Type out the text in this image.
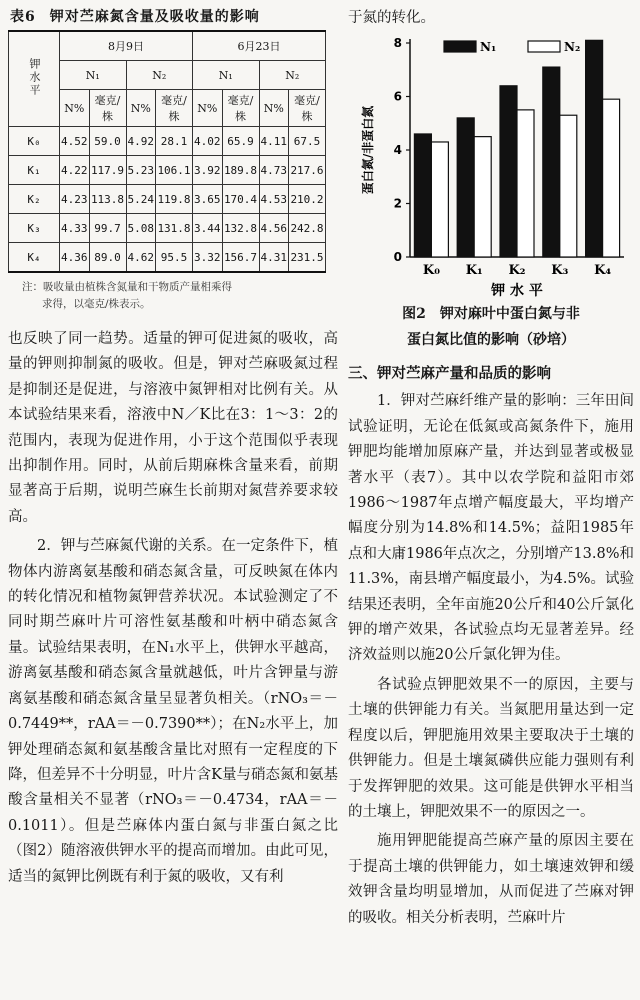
表6 钾对苎麻氮含量及吸收量的影响
钾水平	8月9日				6月23日			
	N₁		N₂		N₁		N₂	
	N%	毫克/株	N%	毫克/株	N%	毫克/株	N%	毫克/株
K₀	4.52	59.0	4.92	28.1	4.02	65.9	4.11	67.5
K₁	4.22	117.9	5.23	106.1	3.92	189.8	4.73	217.6
K₂	4.23	113.8	5.24	119.8	3.65	170.4	4.53	210.2
K₃	4.33	99.7	5.08	131.8	3.44	132.8	4.56	242.8
K₄	4.36	89.0	4.62	95.5	3.32	156.7	4.31	231.5
注：吸收量由植株含氮量和干物质产量相乘得
求得，以毫克/株表示。

也反映了同一趋势。适量的钾可促进氮的吸收，高量的钾则抑制氮的吸收。但是，钾对苎麻吸氮过程是抑制还是促进，与溶液中氮钾相对比例有关。从本试验结果来看，溶液中N／K比在3：1～3：2的范围内，表现为促进作用，小于这个范围似乎表现出抑制作用。同时，从前后期麻株含量来看，前期显著高于后期，说明苎麻生长前期对氮营养要求较高。

2．钾与苎麻氮代谢的关系。在一定条件下，植物体内游离氨基酸和硝态氮含量，可反映氮在体内的转化情况和植物氮钾营养状况。本试验测定了不同时期苎麻叶片可溶性氨基酸和叶柄中硝态氮含量。试验结果表明，在N₁水平上，供钾水平越高，游离氨基酸和硝态氮含量就越低，叶片含钾量与游离氨基酸和硝态氮含量呈显著负相关。（rNO₃＝－0.7449**，rAA＝－0.7390**）；在N₂水平上，加钾处理硝态氮和氨基酸含量比对照有一定程度的下降，但差异不十分明显，叶片含K量与硝态氮和氨基酸含量相关不显著（rNO₃＝－0.4734，rAA＝－0.1011）。但是苎麻体内蛋白氮与非蛋白氮之比（图2）随溶液供钾水平的提高而增加。由此可见，适当的氮钾比例既有利于氮的吸收，又有利

于氮的转化。

0
2
4
6
8
蛋白氮/非蛋白氮
K₀ K₁ K₂ K₃ K₄
钾 水 平
N₁	N₂
图2　钾对麻叶中蛋白氮与非
蛋白氮比值的影响（砂培）
三、钾对苎麻产量和品质的影响

1．钾对苎麻纤维产量的影响：三年田间试验证明，无论在低氮或高氮条件下，施用钾肥均能增加原麻产量，并达到显著或极显著水平（表7）。其中以农学院和益阳市郊1986～1987年点增产幅度最大，平均增产幅度分别为14.8%和14.5%；益阳1985年点和大庸1986年点次之，分别增产13.8%和11.3%，南县增产幅度最小，为4.5%。试验结果还表明，全年亩施20公斤和40公斤氯化钾的增产效果，各试验点均无显著差异。经济效益则以施20公斤氯化钾为佳。

各试验点钾肥效果不一的原因，主要与土壤的供钾能力有关。当氮肥用量达到一定程度以后，钾肥施用效果主要取决于土壤的供钾能力。但是土壤氮磷供应能力强则有利于发挥钾肥的效果。这可能是供钾水平相当的土壤上，钾肥效果不一的原因之一。

施用钾肥能提高苎麻产量的原因主要在于提高土壤的供钾能力，如土壤速效钾和缓效钾含量均明显增加，从而促进了苎麻对钾的吸收。相关分析表明，苎麻叶片
